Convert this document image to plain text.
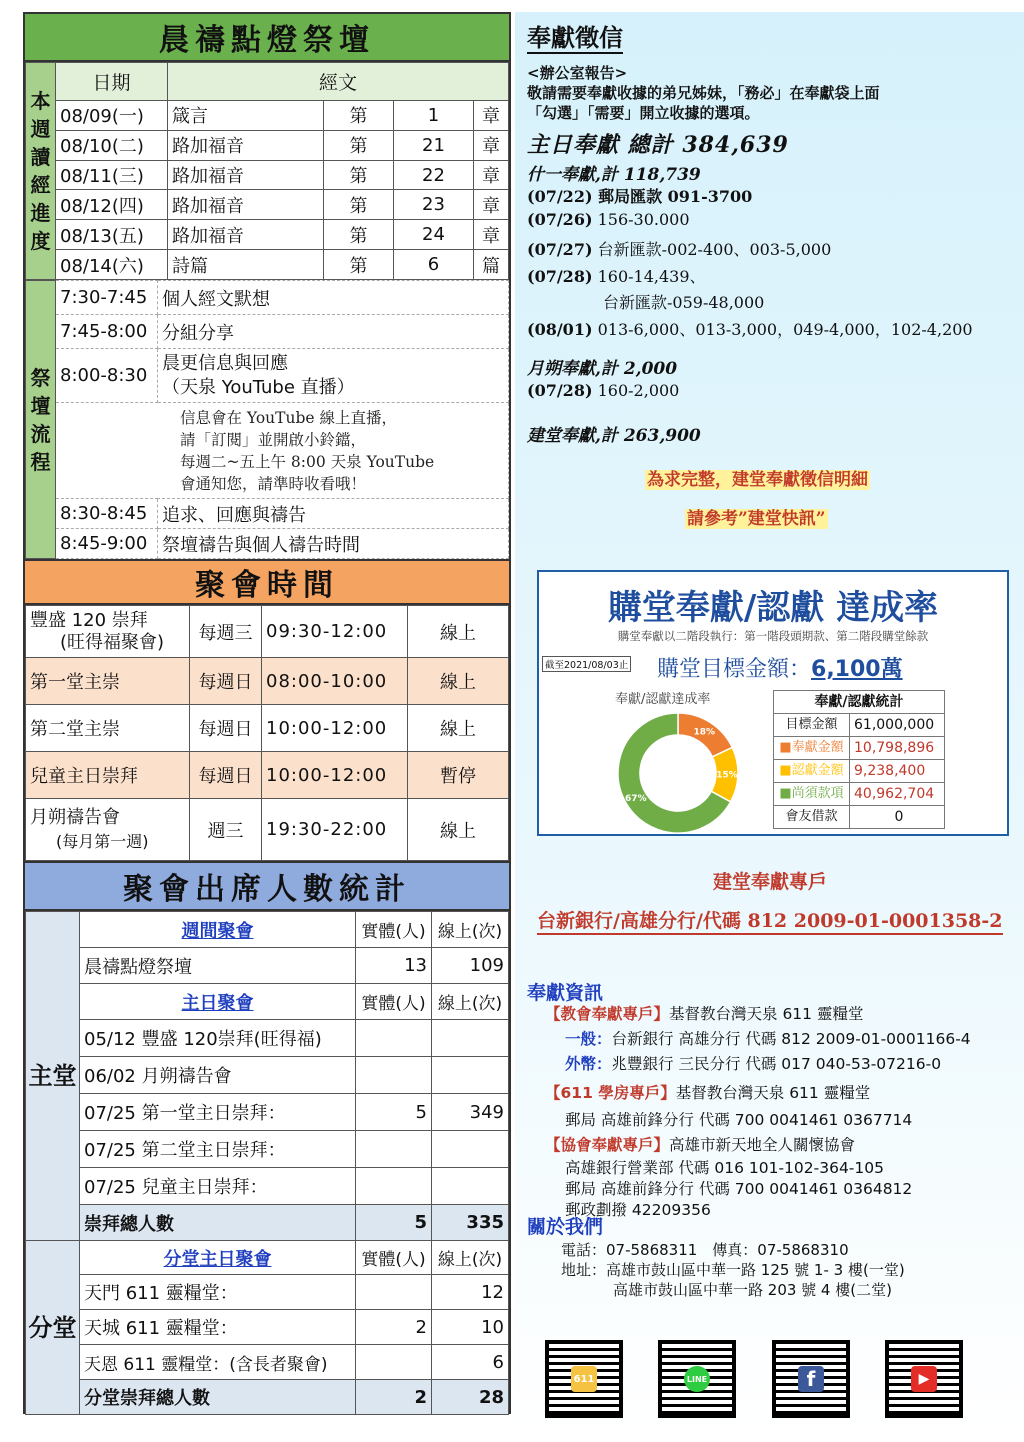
晨禱點燈祭壇
本週讀經進度	日期	經文			
	08/09(一)	箴言	第	1	章
	08/10(二)	路加福音	第	21	章
	08/11(三)	路加福音	第	22	章
	08/12(四)	路加福音	第	23	章
	08/13(五)	路加福音	第	24	章
	08/14(六)	詩篇	第	6	篇
祭壇流程	7:30-7:45	個人經文默想
	7:45-8:00	分組分享
	8:00-8:30	晨更信息與回應
（天泉 YouTube 直播）

	信息會在 YouTube 線上直播，
請「訂閱」並開啟小鈴鐺，
每週二~五上午 8:00 天泉 YouTube
會通知您，請準時收看哦！	

	8:30-8:45	追求、回應與禱告
	8:45-9:00	祭壇禱告與個人禱告時間
聚會時間
豐盛 120 崇拜
(旺得福聚會)	每週三	09:30-12:00	線上
第一堂主崇	每週日	08:00-10:00	線上
第二堂主崇	每週日	10:00-12:00	線上
兒童主日崇拜	每週日	10:00-12:00	暫停

月朔禱告會
(每月第一週)	週三	19:30-22:00	線上
聚會出席人數統計
主堂	週間聚會	實體(人)	線上(次)
	晨禱點燈祭壇	13	109
	主日聚會	實體(人)	線上(次)
	05/12 豐盛 120崇拜(旺得福)		
	06/02 月朔禱告會		
	07/25 第一堂主日崇拜：	5	349
	07/25 第二堂主日崇拜：		
	07/25 兒童主日崇拜：		
	崇拜總人數	5	335
分堂	分堂主日聚會	實體(人)	線上(次)
	天門 611 靈糧堂：		12
	天城 611 靈糧堂：	2	10
	天恩 611 靈糧堂：(含長者聚會)		6
	分堂崇拜總人數	2	28
奉獻徵信
<辦公室報告>
敬請需要奉獻收據的弟兄姊妹，「務必」在奉獻袋上面
「勾選」「需要」開立收據的選項。
主日奉獻 總計 384,639
什一奉獻,計 118,739
(07/22) 郵局匯款 091-3700
(07/26) 156-30.000
(07/27) 台新匯款-002-400、003-5,000
(07/28) 160-14,439、
台新匯款-059-48,000
(08/01) 013-6,000、013-3,000，049-4,000，102-4,200
月朔奉獻,計 2,000
(07/28) 160-2,000
建堂奉獻,計 263,900
為求完整，建堂奉獻徵信明細
請參考”建堂快訊”
購堂奉獻/認獻 達成率
購堂奉獻以二階段執行：第一階段頭期款、第二階段購堂餘款
截至2021/08/03止 購堂目標金額：6,100萬
奉獻/認獻達成率
18%
15%
67%
奉獻/認獻統計
目標金額	61,000,000
■奉獻金額 10,798,896
■認獻金額 9,238,400
■尚須款項 40,962,704
會友借款	0
建堂奉獻專戶
台新銀行/高雄分行/代碼 812 2009-01-0001358-2
奉獻資訊
【教會奉獻專戶】基督教台灣天泉 611 靈糧堂
一般：台新銀行 高雄分行 代碼 812 2009-01-0001166-4
外幣：兆豐銀行 三民分行 代碼 017 040-53-07216-0
【611 學房專戶】基督教台灣天泉 611 靈糧堂
郵局 高雄前鋒分行 代碼 700 0041461 0367714
【協會奉獻專戶】高雄市新天地全人關懷協會
高雄銀行營業部 代碼 016 101-102-364-105
郵局 高雄前鋒分行 代碼 700 0041461 0364812
郵政劃撥 42209356
關於我們
電話：07-5868311　傳真：07-5868310
地址：高雄市鼓山區中華一路 125 號 1- 3 樓(一堂)
高雄市鼓山區中華一路 203 號 4 樓(二堂)
611	LINE	f	▶
